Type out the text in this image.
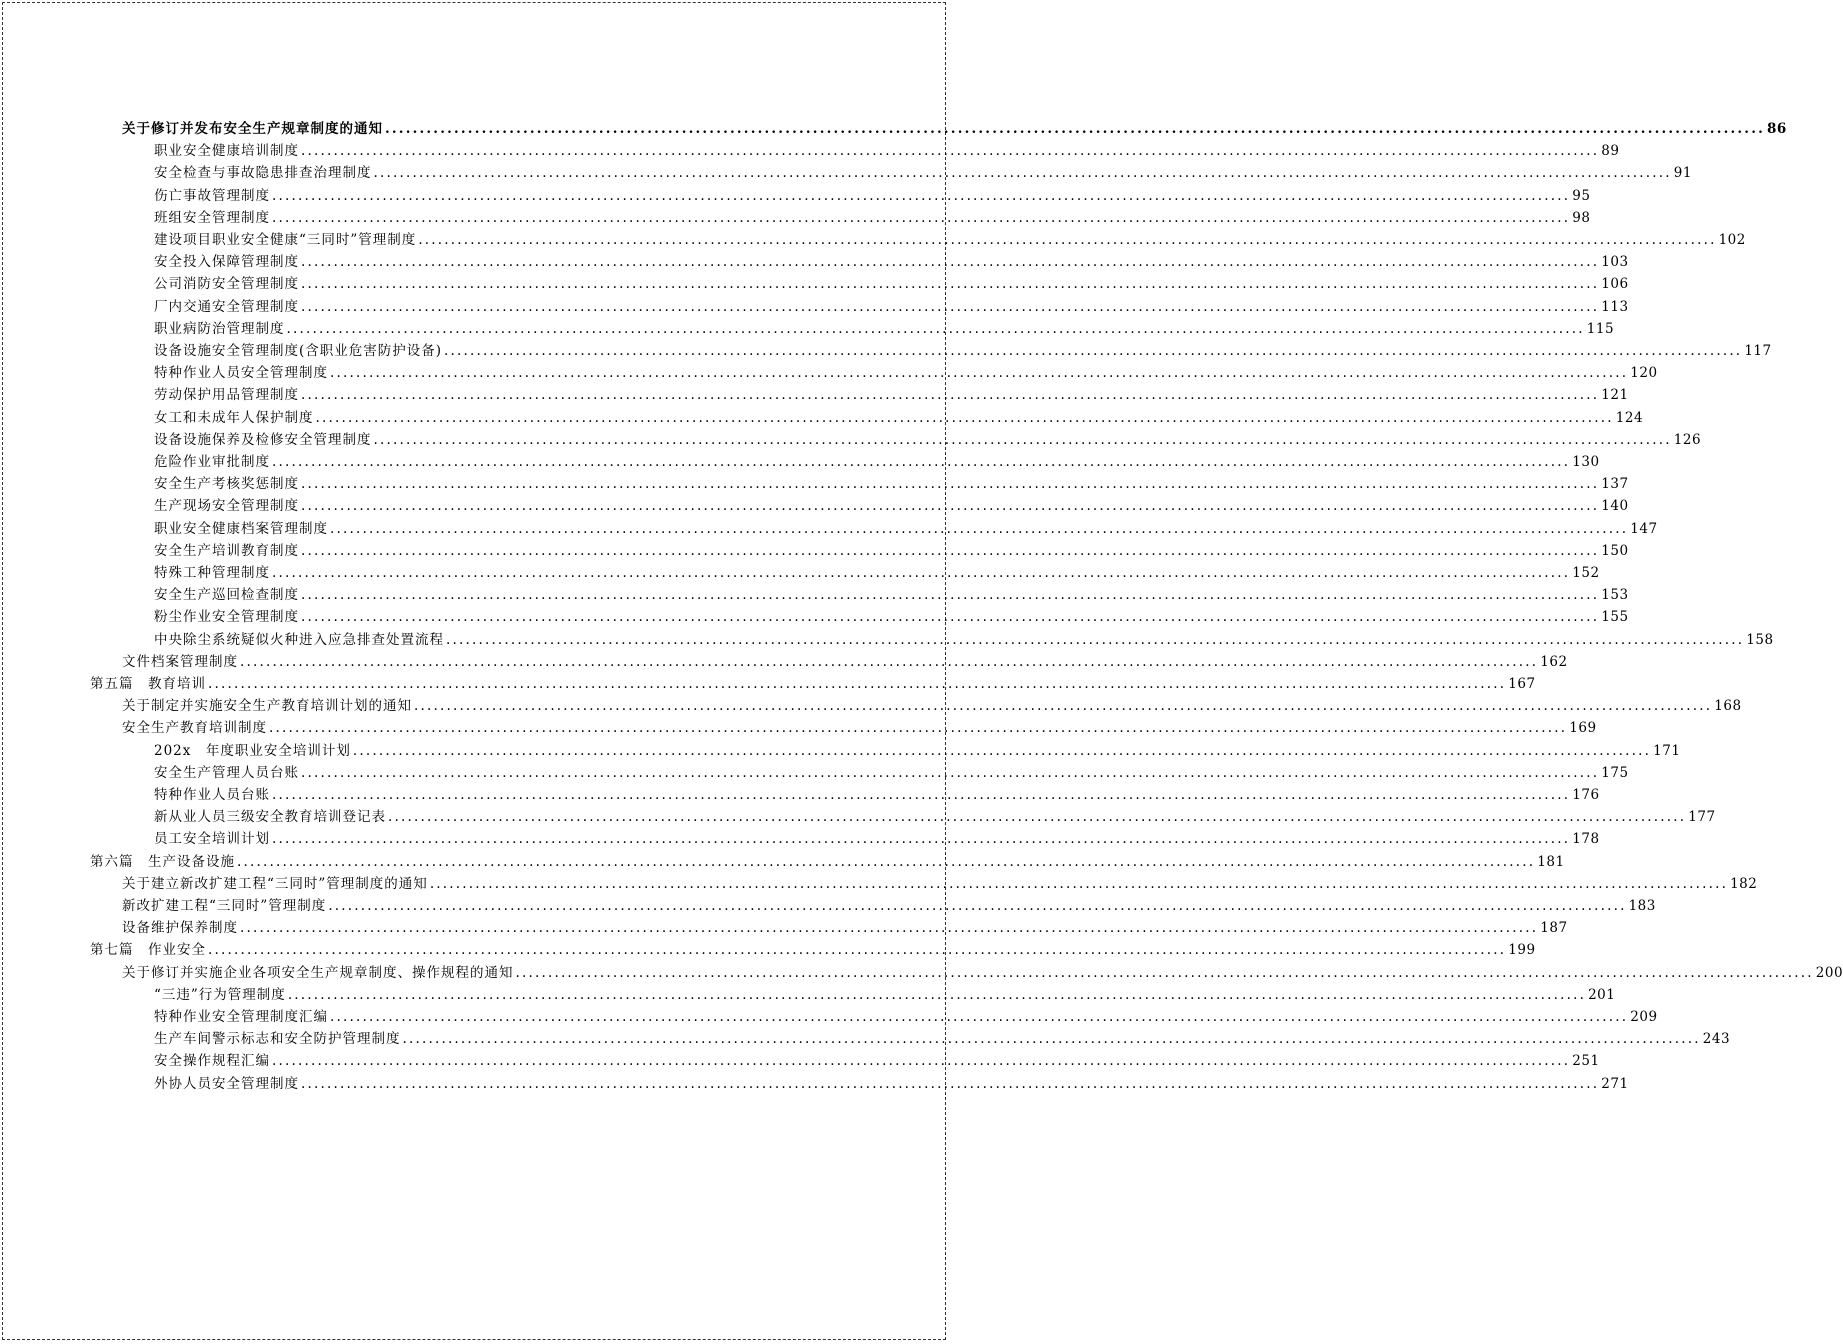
关于修订并发布安全生产规章制度的通知 ........................................................................................................................................................................................................ 86
职业安全健康培训制度 ........................................................................................................................................................................................................ 89
安全检查与事故隐患排查治理制度 ........................................................................................................................................................................................................ 91
伤亡事故管理制度 ........................................................................................................................................................................................................ 95
班组安全管理制度 ........................................................................................................................................................................................................ 98
建设项目职业安全健康“三同时”管理制度 ........................................................................................................................................................................................................ 102
安全投入保障管理制度 ........................................................................................................................................................................................................ 103
公司消防安全管理制度 ........................................................................................................................................................................................................ 106
厂内交通安全管理制度 ........................................................................................................................................................................................................ 113
职业病防治管理制度 ........................................................................................................................................................................................................ 115
设备设施安全管理制度(含职业危害防护设备) ........................................................................................................................................................................................................ 117
特种作业人员安全管理制度 ........................................................................................................................................................................................................ 120
劳动保护用品管理制度 ........................................................................................................................................................................................................ 121
女工和未成年人保护制度 ........................................................................................................................................................................................................ 124
设备设施保养及检修安全管理制度 ........................................................................................................................................................................................................ 126
危险作业审批制度 ........................................................................................................................................................................................................ 130
安全生产考核奖惩制度 ........................................................................................................................................................................................................ 137
生产现场安全管理制度 ........................................................................................................................................................................................................ 140
职业安全健康档案管理制度 ........................................................................................................................................................................................................ 147
安全生产培训教育制度 ........................................................................................................................................................................................................ 150
特殊工种管理制度 ........................................................................................................................................................................................................ 152
安全生产巡回检查制度 ........................................................................................................................................................................................................ 153
粉尘作业安全管理制度 ........................................................................................................................................................................................................ 155
中央除尘系统疑似火种进入应急排查处置流程 ........................................................................................................................................................................................................ 158
文件档案管理制度 ........................................................................................................................................................................................................ 162
第五篇　教育培训 ........................................................................................................................................................................................................ 167
关于制定并实施安全生产教育培训计划的通知 ........................................................................................................................................................................................................ 168
安全生产教育培训制度 ........................................................................................................................................................................................................ 169
202x　年度职业安全培训计划 ........................................................................................................................................................................................................ 171
安全生产管理人员台账 ........................................................................................................................................................................................................ 175
特种作业人员台账 ........................................................................................................................................................................................................ 176
新从业人员三级安全教育培训登记表 ........................................................................................................................................................................................................ 177
员工安全培训计划 ........................................................................................................................................................................................................ 178
第六篇　生产设备设施 ........................................................................................................................................................................................................ 181
关于建立新改扩建工程“三同时”管理制度的通知 ........................................................................................................................................................................................................ 182
新改扩建工程“三同时”管理制度 ........................................................................................................................................................................................................ 183
设备维护保养制度 ........................................................................................................................................................................................................ 187
第七篇　作业安全 ........................................................................................................................................................................................................ 199
关于修订并实施企业各项安全生产规章制度、操作规程的通知 ........................................................................................................................................................................................................ 200
“三违”行为管理制度 ........................................................................................................................................................................................................ 201
特种作业安全管理制度汇编 ........................................................................................................................................................................................................ 209
生产车间警示标志和安全防护管理制度 ........................................................................................................................................................................................................ 243
安全操作规程汇编 ........................................................................................................................................................................................................ 251
外协人员安全管理制度 ........................................................................................................................................................................................................ 271
